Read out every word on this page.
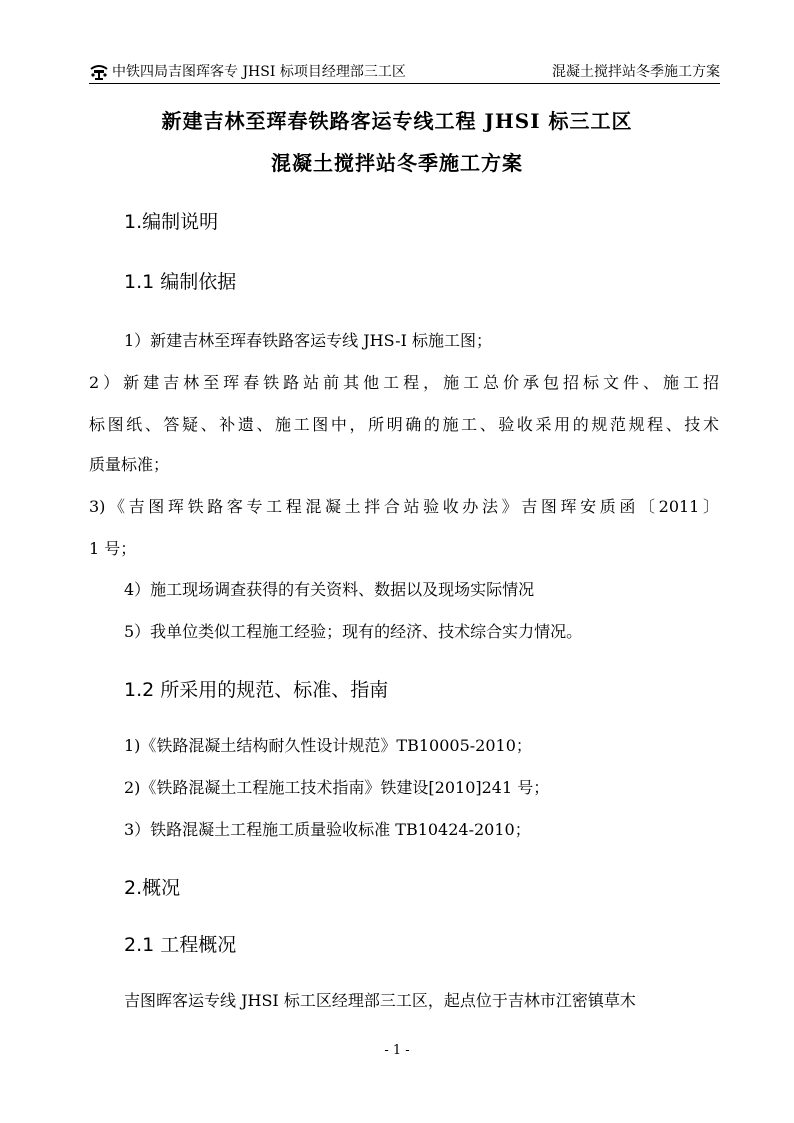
中铁四局吉图珲客专 JHSI 标项目经理部三工区	混凝土搅拌站冬季施工方案
新建吉林至珲春铁路客运专线工程 JHSI 标三工区
混凝土搅拌站冬季施工方案
1.编制说明
1.1 编制依据
1）新建吉林至珲春铁路客运专线 JHS-I 标施工图；
2）新建吉林至珲春铁路站前其他工程，施工总价承包招标文件、施工招
标图纸、答疑、补遗、施工图中，所明确的施工、验收采用的规范规程、技术
质量标准；
3)《吉图珲铁路客专工程混凝土拌合站验收办法》吉图珲安质函〔2011〕
1 号；
4）施工现场调查获得的有关资料、数据以及现场实际情况
5）我单位类似工程施工经验；现有的经济、技术综合实力情况。
1.2 所采用的规范、标准、指南
1)《铁路混凝土结构耐久性设计规范》TB10005-2010；
2)《铁路混凝土工程施工技术指南》铁建设[2010]241 号；
3）铁路混凝土工程施工质量验收标准 TB10424-2010；
2.概况
2.1 工程概况
吉图晖客运专线 JHSI 标工区经理部三工区，起点位于吉林市江密镇草木
- 1 -
